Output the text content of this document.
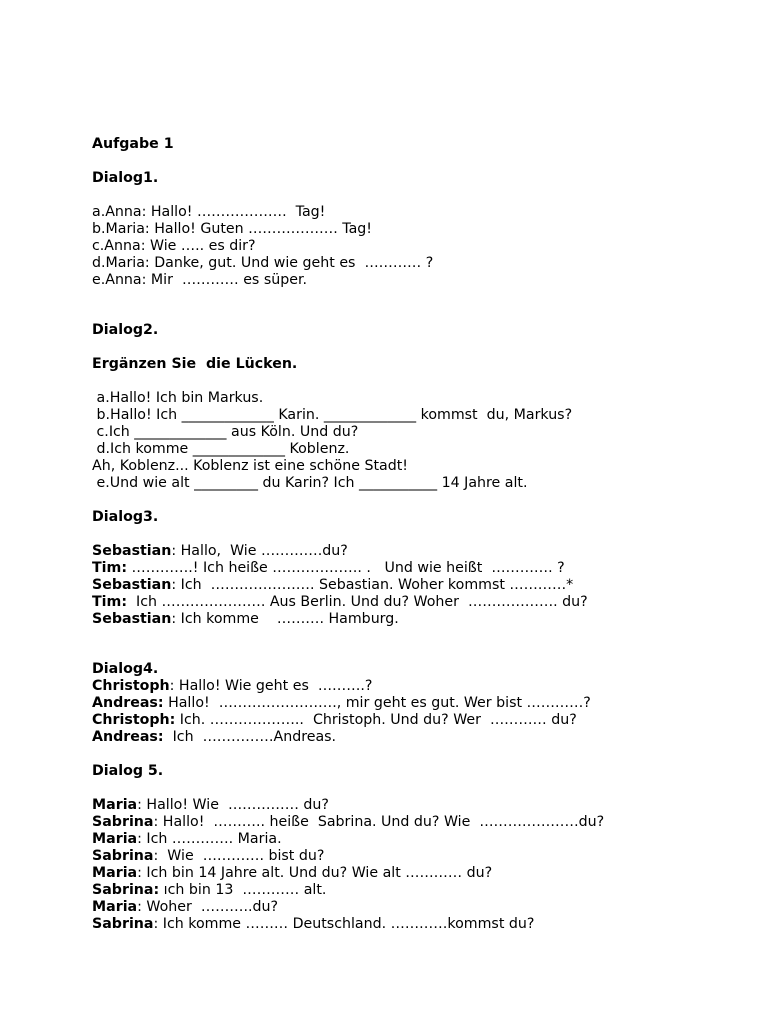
Aufgabe 1
Dialog1.
a.Anna: Hallo! ……………….  Tag!
b.Maria: Hallo! Guten ………………. Tag!
c.Anna: Wie ….. es dir?
d.Maria: Danke, gut. Und wie geht es  ………… ?
e.Anna: Mir  ………… es süper.
Dialog2.
Ergänzen Sie  die Lücken.
a.Hallo! Ich bin Markus.
b.Hallo! Ich _____________ Karin. _____________ kommst  du, Markus?
c.Ich _____________ aus Köln. Und du?
d.Ich komme _____________ Koblenz.
Ah, Koblenz... Koblenz ist eine schöne Stadt!
e.Und wie alt _________ du Karin? Ich ___________ 14 Jahre alt.
Dialog3.
Sebastian: Hallo,  Wie ………….du?
Tim: ………….! Ich heiße ………………. .   Und wie heißt  …………. ?
Sebastian: Ich  …………………. Sebastian. Woher kommst …………*
Tim:  Ich …………………. Aus Berlin. Und du? Woher  ………………. du?
Sebastian: Ich komme    ………. Hamburg.
Dialog4.
Christoph: Hallo! Wie geht es  ……….?
Andreas: Hallo!  ……………………., mir geht es gut. Wer bist …………?
Christoph: Ich. ………………..  Christoph. Und du? Wer  ………… du?
Andreas:  Ich  ……………Andreas.
Dialog 5.
Maria: Hallo! Wie  …………… du?
Sabrina: Hallo!  ……….. heiße  Sabrina. Und du? Wie  …………………du?
Maria: Ich …………. Maria.
Sabrina:  Wie  …………. bist du?
Maria: Ich bin 14 Jahre alt. Und du? Wie alt ………… du?
Sabrina: ıch bin 13  ………… alt.
Maria: Woher  ………..du?
Sabrina: Ich komme ……… Deutschland. …………kommst du?
